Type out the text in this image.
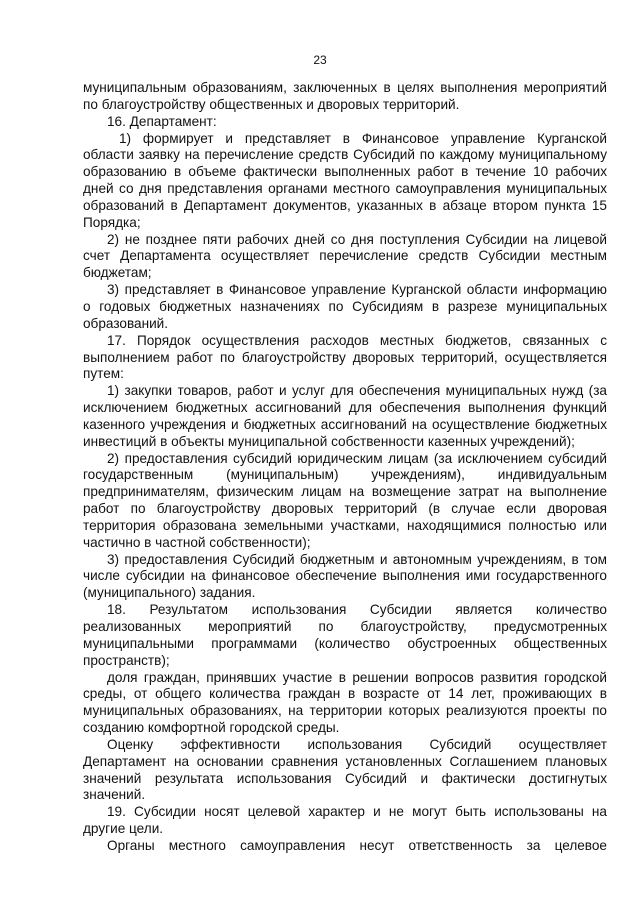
23
муниципальным образованиям, заключенных в целях выполнения мероприятий
по благоустройству общественных и дворовых территорий.
16. Департамент:
1) формирует и представляет в Финансовое управление Курганской
области заявку на перечисление средств Субсидий по каждому муниципальному
образованию в объеме фактически выполненных работ в течение 10 рабочих
дней со дня представления органами местного самоуправления муниципальных
образований в Департамент документов, указанных в абзаце втором пункта 15
Порядка;
2) не позднее пяти рабочих дней со дня поступления Субсидии на лицевой
счет Департамента осуществляет перечисление средств Субсидии местным
бюджетам;
3) представляет в Финансовое управление Курганской области информацию
о годовых бюджетных назначениях по Субсидиям в разрезе муниципальных
образований.
17. Порядок осуществления расходов местных бюджетов, связанных с
выполнением работ по благоустройству дворовых территорий, осуществляется
путем:
1) закупки товаров, работ и услуг для обеспечения муниципальных нужд (за
исключением бюджетных ассигнований для обеспечения выполнения функций
казенного учреждения и бюджетных ассигнований на осуществление бюджетных
инвестиций в объекты муниципальной собственности казенных учреждений);
2) предоставления субсидий юридическим лицам (за исключением субсидий
государственным (муниципальным) учреждениям), индивидуальным
предпринимателям, физическим лицам на возмещение затрат на выполнение
работ по благоустройству дворовых территорий (в случае если дворовая
территория образована земельными участками, находящимися полностью или
частично в частной собственности);
3) предоставления Субсидий бюджетным и автономным учреждениям, в том
числе субсидии на финансовое обеспечение выполнения ими государственного
(муниципального) задания.
18. Результатом использования Субсидии является количество
реализованных мероприятий по благоустройству, предусмотренных
муниципальными программами (количество обустроенных общественных
пространств);
доля граждан, принявших участие в решении вопросов развития городской
среды, от общего количества граждан в возрасте от 14 лет, проживающих в
муниципальных образованиях, на территории которых реализуются проекты по
созданию комфортной городской среды.
Оценку эффективности использования Субсидий осуществляет
Департамент на основании сравнения установленных Соглашением плановых
значений результата использования Субсидий и фактически достигнутых
значений.
19. Субсидии носят целевой характер и не могут быть использованы на
другие цели.
Органы местного самоуправления несут ответственность за целевое
